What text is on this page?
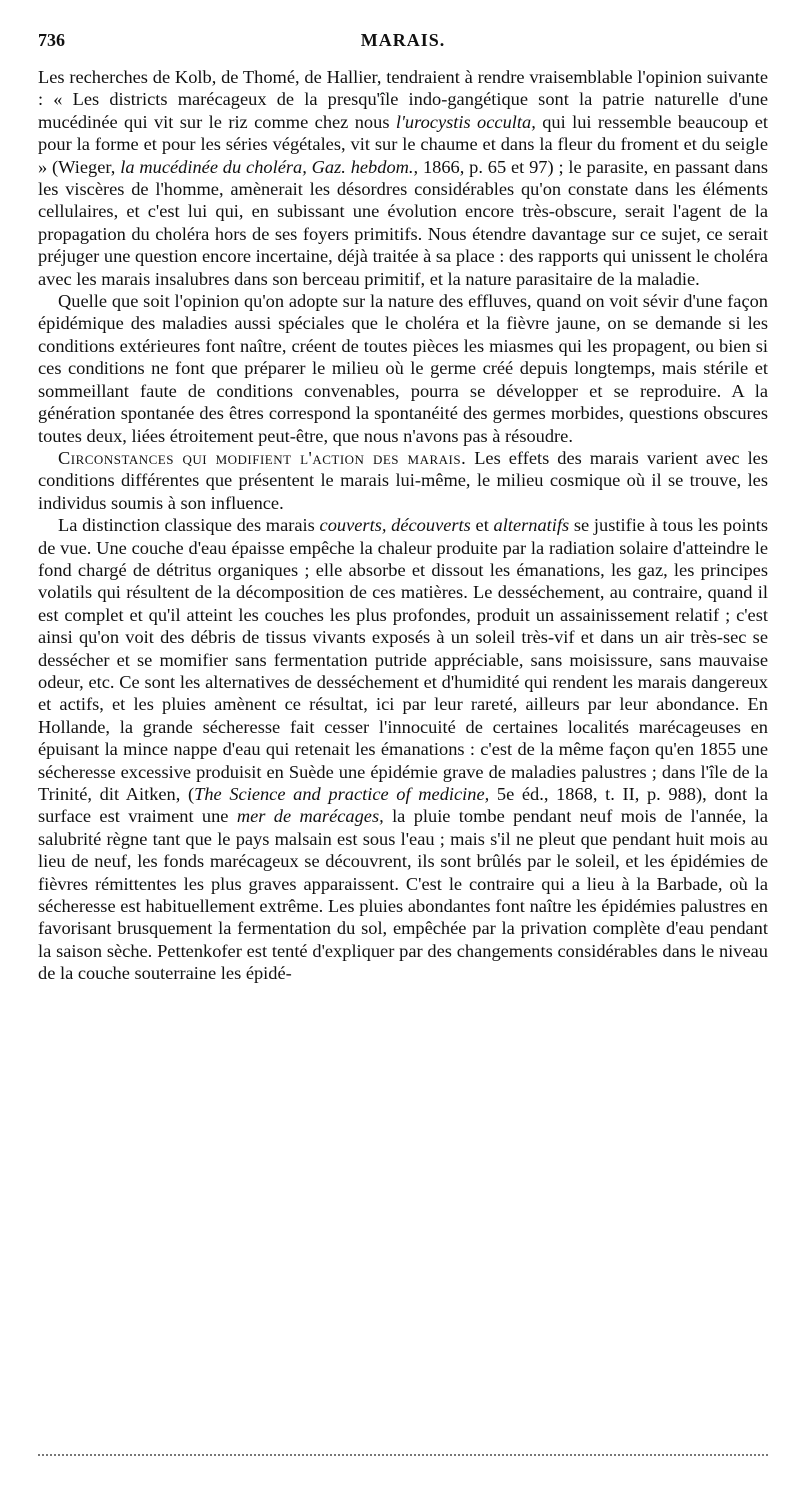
736	MARAIS.

Les recherches de Kolb, de Thomé, de Hallier, tendraient à rendre vraisemblable l'opinion suivante : « Les districts marécageux de la presqu'île indo-gangétique sont la patrie naturelle d'une mucédinée qui vit sur le riz comme chez nous l'urocystis occulta, qui lui ressemble beaucoup et pour la forme et pour les séries végétales, vit sur le chaume et dans la fleur du froment et du seigle » (Wieger, la mucédinée du choléra, Gaz. hebdom., 1866, p. 65 et 97) ; le parasite, en passant dans les viscères de l'homme, amènerait les désordres considérables qu'on constate dans les éléments cellulaires, et c'est lui qui, en subissant une évolution encore très-obscure, serait l'agent de la propagation du choléra hors de ses foyers primitifs. Nous étendre davantage sur ce sujet, ce serait préjuger une question encore incertaine, déjà traitée à sa place : des rapports qui unissent le choléra avec les marais insalubres dans son berceau primitif, et la nature parasitaire de la maladie.

Quelle que soit l'opinion qu'on adopte sur la nature des effluves, quand on voit sévir d'une façon épidémique des maladies aussi spéciales que le choléra et la fièvre jaune, on se demande si les conditions extérieures font naître, créent de toutes pièces les miasmes qui les propagent, ou bien si ces conditions ne font que préparer le milieu où le germe créé depuis longtemps, mais stérile et sommeillant faute de conditions convenables, pourra se développer et se reproduire. A la génération spontanée des êtres correspond la spontanéité des germes morbides, questions obscures toutes deux, liées étroitement peut-être, que nous n'avons pas à résoudre.

Circonstances qui modifient l'action des marais. Les effets des marais varient avec les conditions différentes que présentent le marais lui-même, le milieu cosmique où il se trouve, les individus soumis à son influence.

La distinction classique des marais couverts, découverts et alternatifs se justifie à tous les points de vue. Une couche d'eau épaisse empêche la chaleur produite par la radiation solaire d'atteindre le fond chargé de détritus organiques ; elle absorbe et dissout les émanations, les gaz, les principes volatils qui résultent de la décomposition de ces matières. Le desséchement, au contraire, quand il est complet et qu'il atteint les couches les plus profondes, produit un assainissement relatif ; c'est ainsi qu'on voit des débris de tissus vivants exposés à un soleil très-vif et dans un air très-sec se dessécher et se momifier sans fermentation putride appréciable, sans moisissure, sans mauvaise odeur, etc. Ce sont les alternatives de desséchement et d'humidité qui rendent les marais dangereux et actifs, et les pluies amènent ce résultat, ici par leur rareté, ailleurs par leur abondance. En Hollande, la grande sécheresse fait cesser l'innocuité de certaines localités marécageuses en épuisant la mince nappe d'eau qui retenait les émanations : c'est de la même façon qu'en 1855 une sécheresse excessive produisit en Suède une épidémie grave de maladies palustres ; dans l'île de la Trinité, dit Aitken, (The Science and practice of medicine, 5e éd., 1868, t. II, p. 988), dont la surface est vraiment une mer de marécages, la pluie tombe pendant neuf mois de l'année, la salubrité règne tant que le pays malsain est sous l'eau ; mais s'il ne pleut que pendant huit mois au lieu de neuf, les fonds marécageux se découvrent, ils sont brûlés par le soleil, et les épidémies de fièvres rémittentes les plus graves apparaissent. C'est le contraire qui a lieu à la Barbade, où la sécheresse est habituellement extrême. Les pluies abondantes font naître les épidémies palustres en favorisant brusquement la fermentation du sol, empêchée par la privation complète d'eau pendant la saison sèche. Pettenkofer est tenté d'expliquer par des changements considérables dans le niveau de la couche souterraine les épidé-
